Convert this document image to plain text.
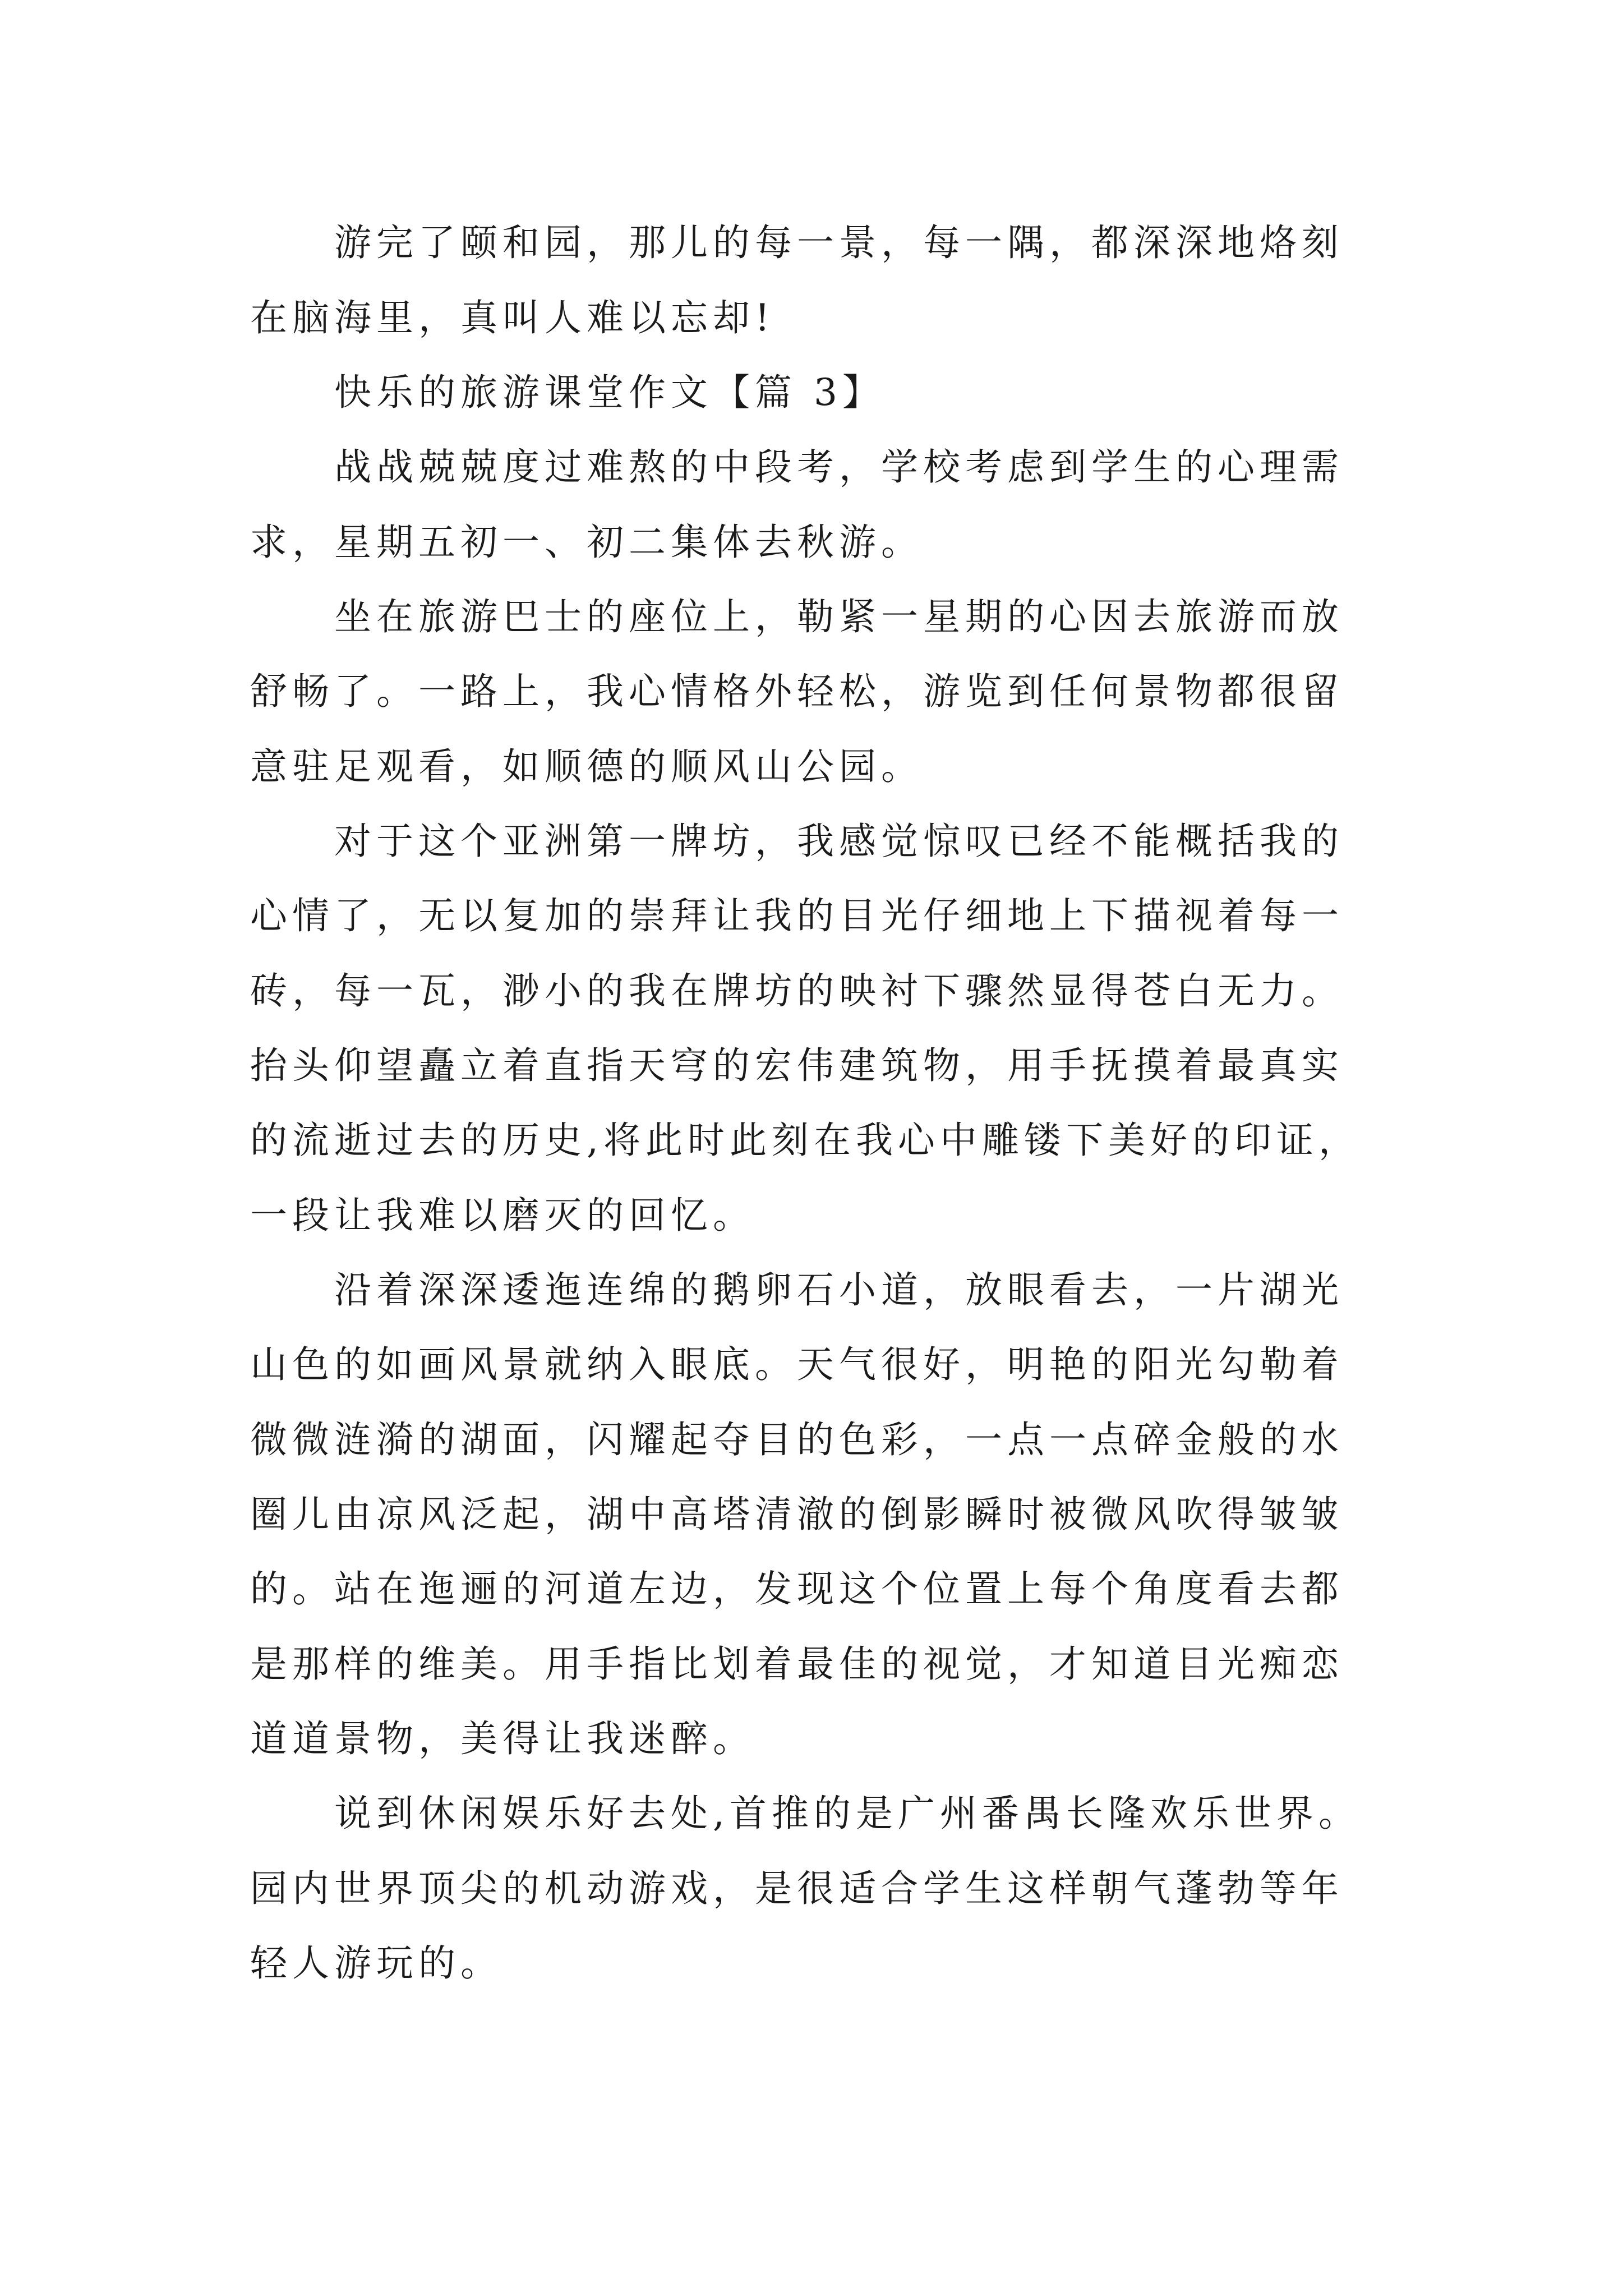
游完了颐和园，那儿的每一景，每一隅，都深深地烙刻
在脑海里，真叫人难以忘却!
快乐的旅游课堂作文【篇 3】
战战兢兢度过难熬的中段考，学校考虑到学生的心理需
求，星期五初一、初二集体去秋游。
坐在旅游巴士的座位上，勒紧一星期的心因去旅游而放
舒畅了。一路上，我心情格外轻松，游览到任何景物都很留
意驻足观看，如顺德的顺风山公园。
对于这个亚洲第一牌坊，我感觉惊叹已经不能概括我的
心情了，无以复加的崇拜让我的目光仔细地上下描视着每一
砖，每一瓦，渺小的我在牌坊的映衬下骤然显得苍白无力。
抬头仰望矗立着直指天穹的宏伟建筑物，用手抚摸着最真实
的流逝过去的历史,将此时此刻在我心中雕镂下美好的印证，
一段让我难以磨灭的回忆。
沿着深深逶迤连绵的鹅卵石小道，放眼看去，一片湖光
山色的如画风景就纳入眼底。天气很好，明艳的阳光勾勒着
微微涟漪的湖面，闪耀起夺目的色彩，一点一点碎金般的水
圈儿由凉风泛起，湖中高塔清澈的倒影瞬时被微风吹得皱皱
的。站在迤逦的河道左边，发现这个位置上每个角度看去都
是那样的维美。用手指比划着最佳的视觉，才知道目光痴恋
道道景物，美得让我迷醉。
说到休闲娱乐好去处,首推的是广州番禺长隆欢乐世界。
园内世界顶尖的机动游戏，是很适合学生这样朝气蓬勃等年
轻人游玩的。
